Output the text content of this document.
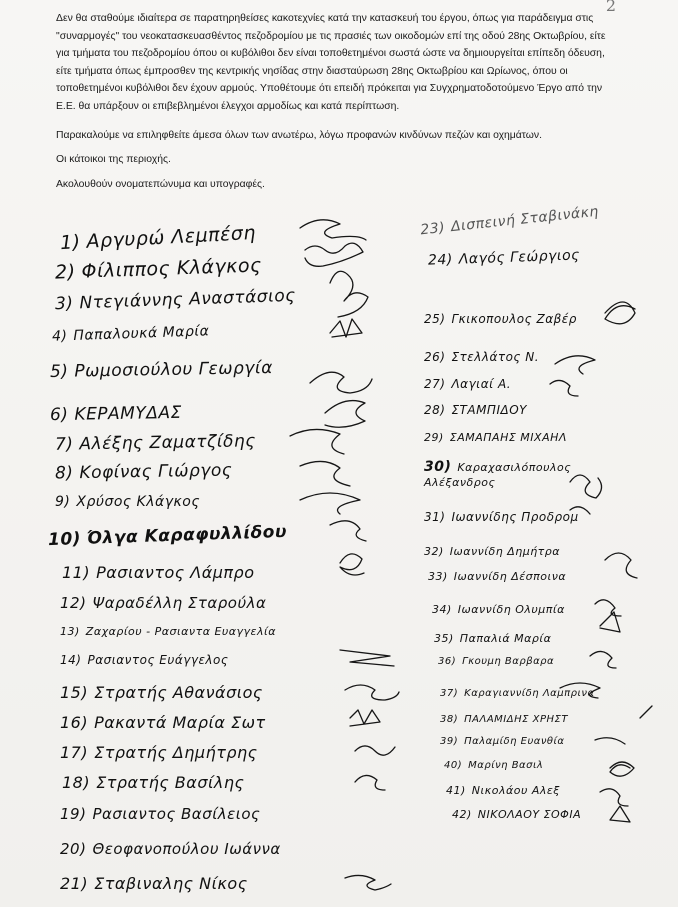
2

Δεν θα σταθούμε ιδιαίτερα σε παρατηρηθείσες κακοτεχνίες κατά την κατασκευή του έργου, όπως για παράδειγμα στις "συναρμογές" του νεοκατασκευασθέντος πεζοδρομίου με τις πρασιές των οικοδομών επί της οδού 28ης Οκτωβρίου, είτε για τμήματα του πεζοδρομίου όπου οι κυβόλιθοι δεν είναι τοποθετημένοι σωστά ώστε να δημιουργείται επίπεδη όδευση, είτε τμήματα όπως έμπροσθεν της κεντρικής νησίδας στην διασταύρωση 28ης Οκτωβρίου και Ωρίωνος, όπου οι τοποθετημένοι κυβόλιθοι δεν έχουν αρμούς. Υποθέτουμε ότι επειδή πρόκειται για Συγχρηματοδοτούμενο Έργο από την Ε.Ε. θα υπάρξουν οι επιβεβλημένοι έλεγχοι αρμοδίως και κατά περίπτωση.

Παρακαλούμε να επιληφθείτε άμεσα όλων των ανωτέρω, λόγω προφανών κινδύνων πεζών και οχημάτων.

Οι κάτοικοι της περιοχής.

Ακολουθούν ονοματεπώνυμα και υπογραφές.

1) Αργυρώ Λεμπέση
2) Φίλιππος Κλάγκος
3) Ντεγιάννης Αναστάσιος
4) Παπαλουκά Μαρία
5) Ρωμοσιούλου Γεωργία
6) ΚΕΡΑΜΥΔΑΣ
7) Αλέξης Ζαματζίδης
8) Κοφίνας Γιώργος
9) Χρύσος Κλάγκος
10) Όλγα Καραφυλλίδου
11) Ρασιαντος Λάμπρο
12) Ψαραδέλλη Σταρούλα
13) Ζαχαρίου - Ρασιαντα Ευαγγελία
14) Ρασιαντος Ευάγγελος
15) Στρατής Αθανάσιος
16) Ρακαντά Μαρία Σωτ
17) Στρατής Δημήτρης
18) Στρατής Βασίλης
19) Ρασιαντος Βασίλειος
20) Θεοφανοπούλου Ιωάννα
21) Σταβιναλης Νίκος
23) Δισπεινή Σταβινάκη
24) Λαγός Γεώργιος
25) Γκικοπουλος Ζαβέρ
26) Στελλάτος Ν.
27) Λαγιαί Α.
28) ΣΤΑΜΠΙΔΟΥ
29) ΣΑΜΑΠΑΗΣ ΜΙΧΑΗΛ
30) Καραχασιλόπουλος Αλέξανδρος
31) Ιωαννίδης Προδρομ
32) Ιωαννίδη Δημήτρα
33) Ιωαννίδη Δέσποινα
34) Ιωαννίδη Ολυμπία
35) Παπαλιά Μαρία
36) Γκουμη Βαρβαρα
37) Καραγιαννίδη Λαμπρινα
38) ΠΑΛΑΜΙΔΗΣ ΧΡΗΣΤ
39) Παλαμίδη Ευανθία
40) Μαρίνη Βασιλ
41) Νικολάου Αλεξ
42) ΝΙΚΟΛΑΟΥ ΣΟΦΙΑ
